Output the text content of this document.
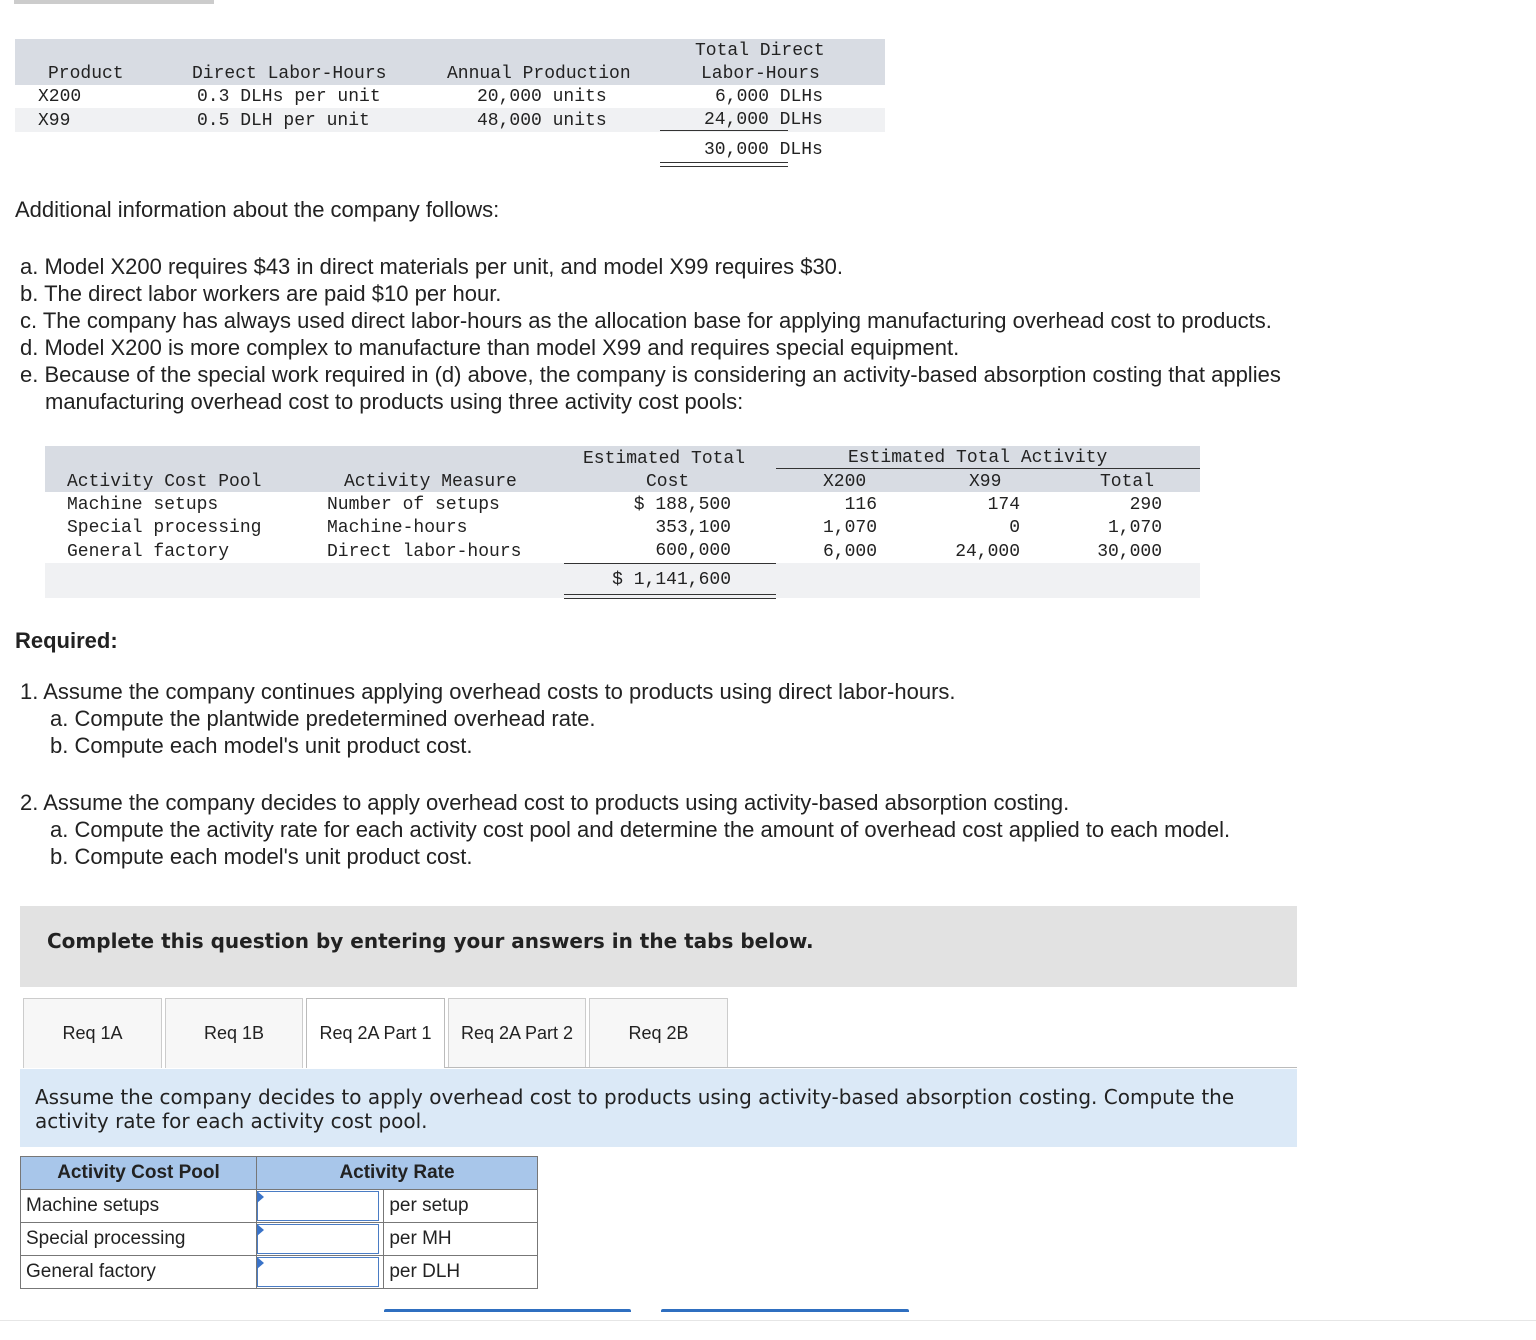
Product	Direct Labor-Hours	Annual Production
Total Direct
Labor-Hours
X200	0.3 DLHs per unit	20,000 units	6,000 DLHs
X99	0.5 DLH per unit	48,000 units	24,000 DLHs
30,000 DLHs
Additional information about the company follows:
a. Model X200 requires $43 in direct materials per unit, and model X99 requires $30.
b. The direct labor workers are paid $10 per hour.
c. The company has always used direct labor-hours as the allocation base for applying manufacturing overhead cost to products.
d. Model X200 is more complex to manufacture than model X99 and requires special equipment.
e. Because of the special work required in (d) above, the company is considering an activity-based absorption costing that applies
manufacturing overhead cost to products using three activity cost pools:
Activity Cost Pool	Activity Measure
Estimated Total
Cost
Estimated Total Activity
X200	X99	Total
Machine setups	Number of setups	$ 188,500	116	174	290
Special processing	Machine-hours	353,100	1,070	0	1,070
General factory	Direct labor-hours	600,000	6,000	24,000	30,000
$ 1,141,600
Required:
1. Assume the company continues applying overhead costs to products using direct labor-hours.
a. Compute the plantwide predetermined overhead rate.
b. Compute each model's unit product cost.
2. Assume the company decides to apply overhead cost to products using activity-based absorption costing.
a. Compute the activity rate for each activity cost pool and determine the amount of overhead cost applied to each model.
b. Compute each model's unit product cost.
Complete this question by entering your answers in the tabs below.
Req 1A	Req 1B	Req 2A Part 1	Req 2A Part 2	Req 2B
Assume the company decides to apply overhead cost to products using activity-based absorption costing. Compute the
activity rate for each activity cost pool.
Activity Cost Pool	Activity Rate	
Machine setups		per setup
Special processing		per MH
General factory		per DLH
